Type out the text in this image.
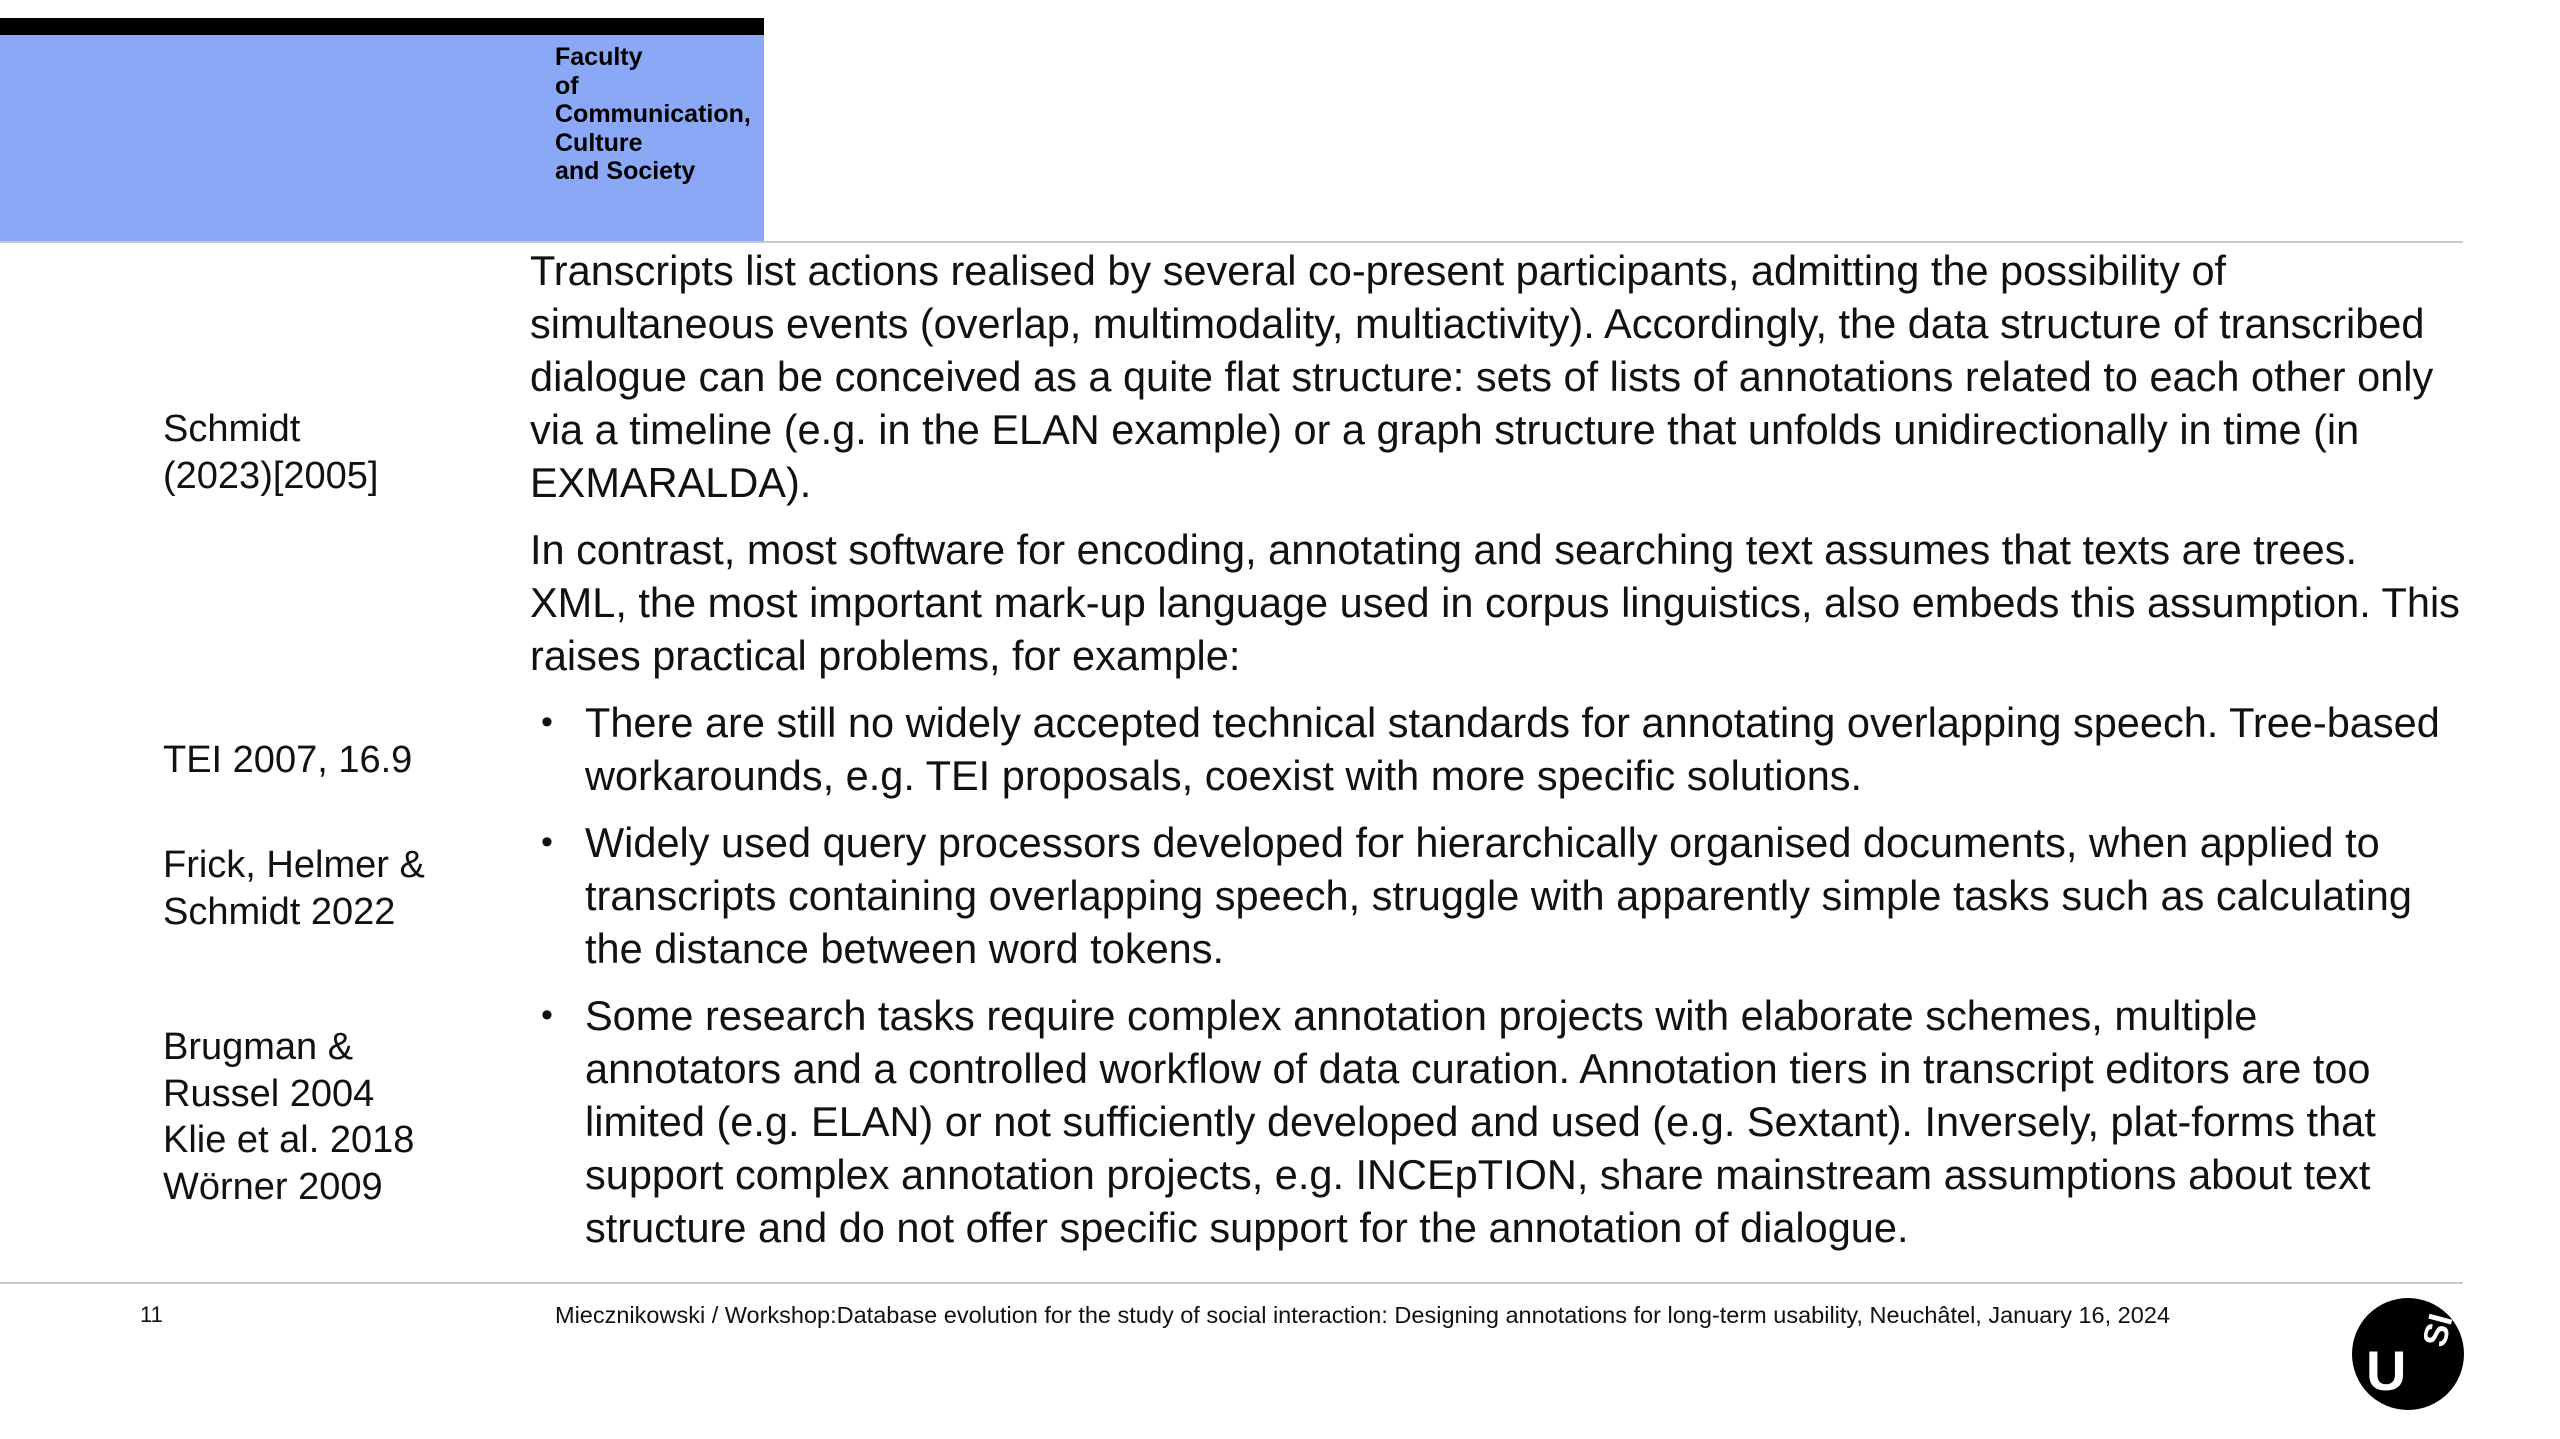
Faculty
of
Communication,
Culture
and Society
Schmidt
(2023)[2005]
TEI 2007, 16.9
Frick, Helmer &
Schmidt 2022
Brugman &
Russel 2004
Klie et al. 2018
Wörner 2009

Transcripts list actions realised by several co-present participants, admitting the possibility of simultaneous events (overlap, multimodality, multiactivity). Accordingly, the data structure of transcribed dialogue can be conceived as a quite flat structure: sets of lists of annotations related to each other only via a timeline (e.g. in the ELAN example) or a graph structure that unfolds unidirectionally in time (in EXMARALDA).

In contrast, most software for encoding, annotating and searching text assumes that texts are trees. XML, the most important mark-up language used in corpus linguistics, also embeds this assumption. This raises practical problems, for example:

• There are still no widely accepted technical standards for annotating overlapping speech. Tree-based workarounds, e.g. TEI proposals, coexist with more specific solutions.
• Widely used query processors developed for hierarchically organised documents, when applied to transcripts containing overlapping speech, struggle with apparently simple tasks such as calculating the distance between word tokens.
• Some research tasks require complex annotation projects with elaborate schemes, multiple annotators and a controlled workflow of data curation. Annotation tiers in transcript editors are too limited (e.g. ELAN) or not sufficiently developed and used (e.g. Sextant). Inversely, plat-forms that support complex annotation projects, e.g. INCEpTION, share mainstream assumptions about text structure and do not offer specific support for the annotation of dialogue.
11	Miecznikowski / Workshop:Database evolution for the study of social interaction: Designing annotations for long-term usability, Neuchâtel, January 16, 2024
U
SI
